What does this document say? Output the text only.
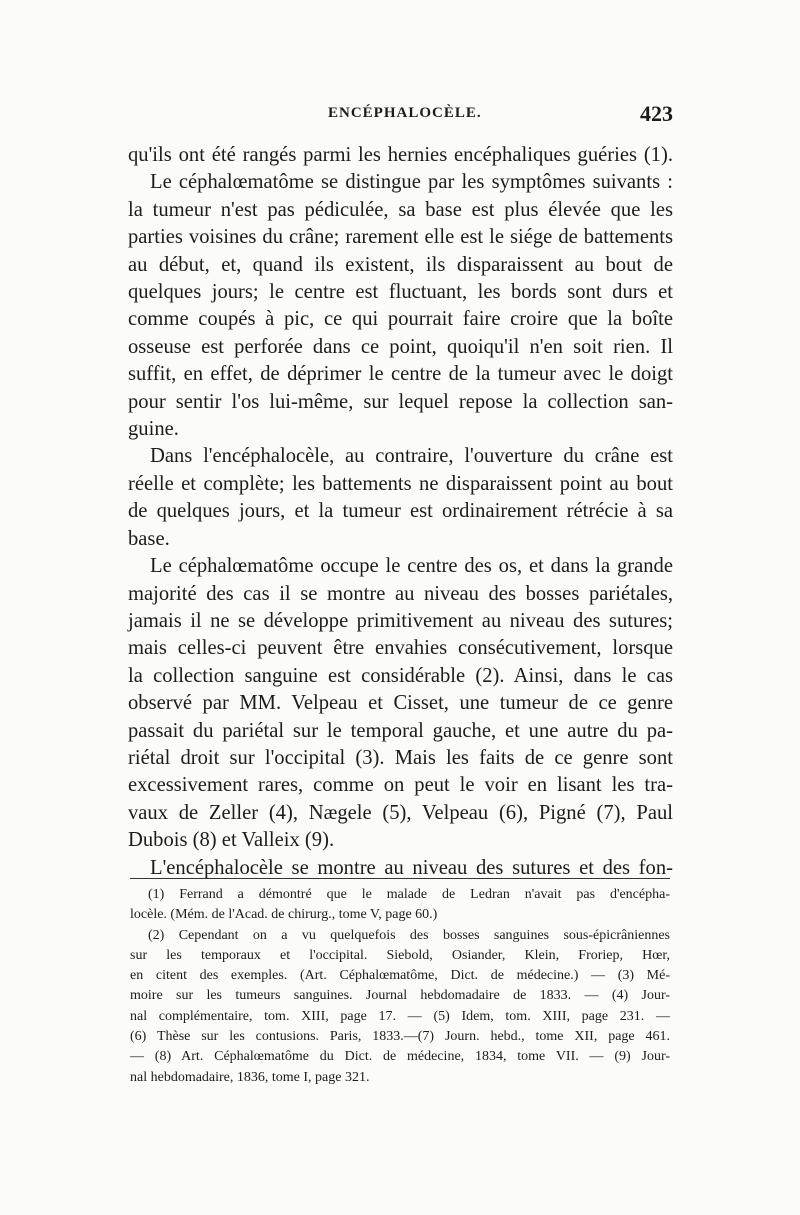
ENCÉPHALOCÈLE.	423
qu'ils ont été rangés parmi les hernies encéphaliques guéries (1).
Le céphalœmatôme se distingue par les symptômes suivants :
la tumeur n'est pas pédiculée, sa base est plus élevée que les
parties voisines du crâne; rarement elle est le siége de battements
au début, et, quand ils existent, ils disparaissent au bout de
quelques jours; le centre est fluctuant, les bords sont durs et
comme coupés à pic, ce qui pourrait faire croire que la boîte
osseuse est perforée dans ce point, quoiqu'il n'en soit rien. Il
suffit, en effet, de déprimer le centre de la tumeur avec le doigt
pour sentir l'os lui-même, sur lequel repose la collection san-
guine.
Dans l'encéphalocèle, au contraire, l'ouverture du crâne est
réelle et complète; les battements ne disparaissent point au bout
de quelques jours, et la tumeur est ordinairement rétrécie à sa
base.
Le céphalœmatôme occupe le centre des os, et dans la grande
majorité des cas il se montre au niveau des bosses pariétales,
jamais il ne se développe primitivement au niveau des sutures;
mais celles-ci peuvent être envahies consécutivement, lorsque
la collection sanguine est considérable (2). Ainsi, dans le cas
observé par MM. Velpeau et Cisset, une tumeur de ce genre
passait du pariétal sur le temporal gauche, et une autre du pa-
riétal droit sur l'occipital (3). Mais les faits de ce genre sont
excessivement rares, comme on peut le voir en lisant les tra-
vaux de Zeller (4), Nægele (5), Velpeau (6), Pigné (7), Paul
Dubois (8) et Valleix (9).
L'encéphalocèle se montre au niveau des sutures et des fon-
(1) Ferrand a démontré que le malade de Ledran n'avait pas d'encépha-
locèle. (Mém. de l'Acad. de chirurg., tome V, page 60.)
(2) Cependant on a vu quelquefois des bosses sanguines sous-épicrâniennes
sur les temporaux et l'occipital. Siebold, Osiander, Klein, Froriep, Hœr,
en citent des exemples. (Art. Céphalœmatôme, Dict. de médecine.) — (3) Mé-
moire sur les tumeurs sanguines. Journal hebdomadaire de 1833. — (4) Jour-
nal complémentaire, tom. XIII, page 17. — (5) Idem, tom. XIII, page 231. —
(6) Thèse sur les contusions. Paris, 1833.—(7) Journ. hebd., tome XII, page 461.
— (8) Art. Céphalœmatôme du Dict. de médecine, 1834, tome VII. — (9) Jour-
nal hebdomadaire, 1836, tome I, page 321.
